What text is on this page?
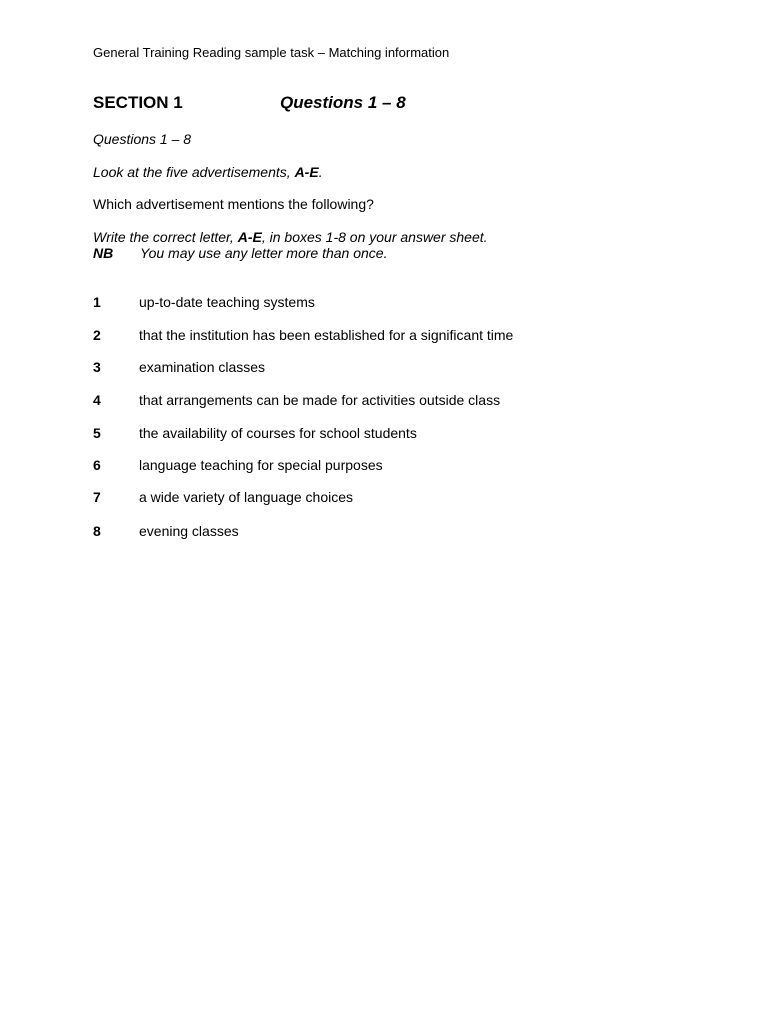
General Training Reading sample task – Matching information
SECTION 1	Questions 1 – 8
Questions 1 – 8
Look at the five advertisements, A-E.
Which advertisement mentions the following?
Write the correct letter, A-E, in boxes 1-8 on your answer sheet.
NB You may use any letter more than once.
1	up-to-date teaching systems
2	that the institution has been established for a significant time
3	examination classes
4	that arrangements can be made for activities outside class
5	the availability of courses for school students
6	language teaching for special purposes
7	a wide variety of language choices
8	evening classes
